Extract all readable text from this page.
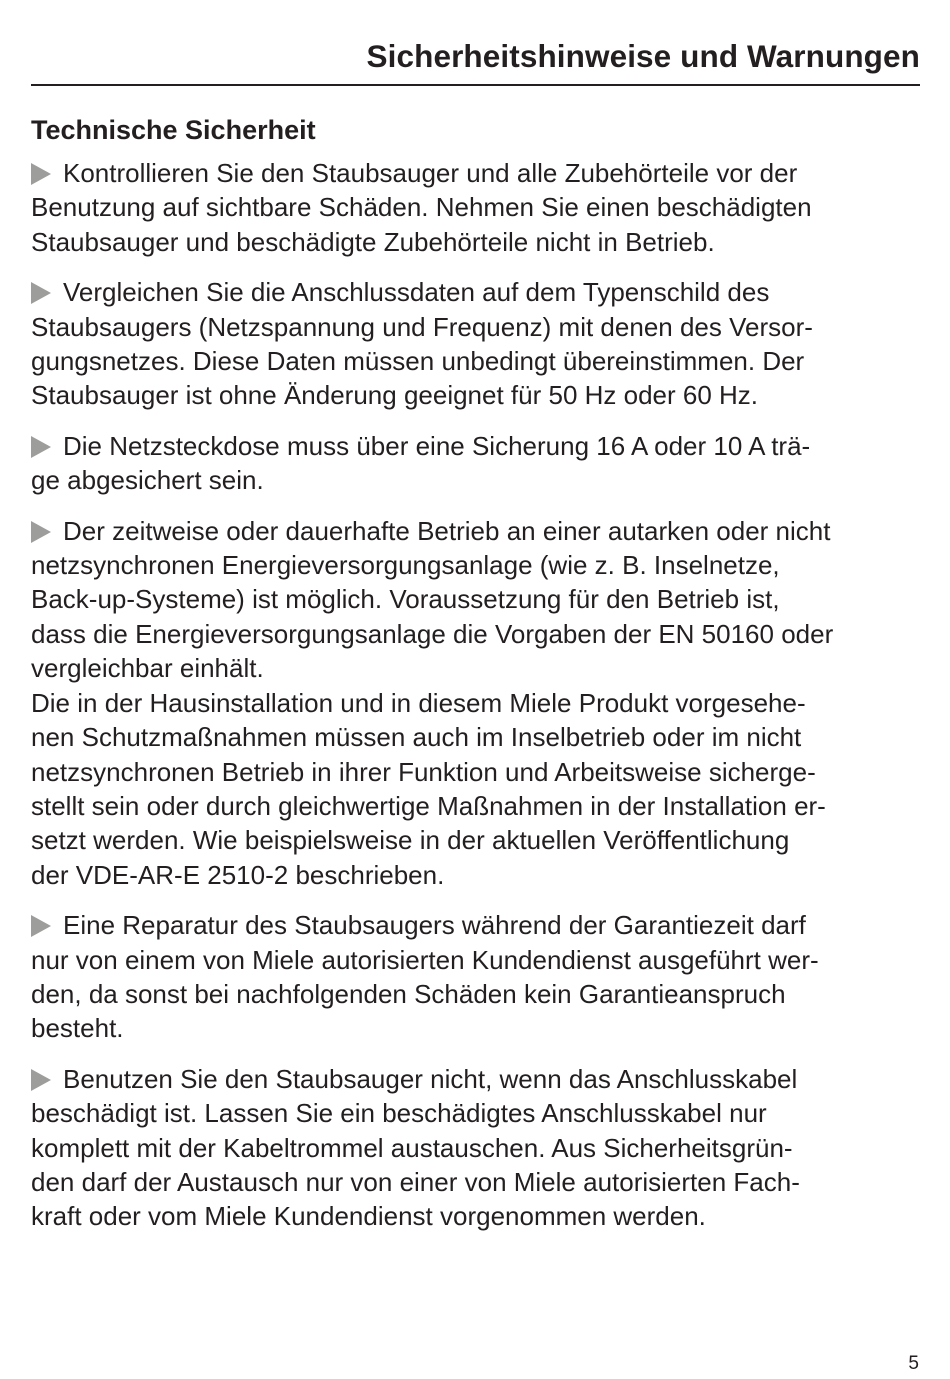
Sicherheitshinweise und Warnungen
Technische Sicherheit

Kontrollieren Sie den Staubsauger und alle Zubehörteile vor der
Benutzung auf sichtbare Schäden. Nehmen Sie einen beschädigten
Staubsauger und beschädigte Zubehörteile nicht in Betrieb.

Vergleichen Sie die Anschlussdaten auf dem Typenschild des
Staubsaugers (Netzspannung und Frequenz) mit denen des Versor-
gungsnetzes. Diese Daten müssen unbedingt übereinstimmen. Der
Staubsauger ist ohne Änderung geeignet für 50 Hz oder 60 Hz.

Die Netzsteckdose muss über eine Sicherung 16 A oder 10 A trä-
ge abgesichert sein.

Der zeitweise oder dauerhafte Betrieb an einer autarken oder nicht
netzsynchronen Energieversorgungsanlage (wie z. B. Inselnetze,
Back-up-Systeme) ist möglich. Voraussetzung für den Betrieb ist,
dass die Energieversorgungsanlage die Vorgaben der EN 50160 oder
vergleichbar einhält.
Die in der Hausinstallation und in diesem Miele Produkt vorgesehe-
nen Schutzmaßnahmen müssen auch im Inselbetrieb oder im nicht
netzsynchronen Betrieb in ihrer Funktion und Arbeitsweise sicherge-
stellt sein oder durch gleichwertige Maßnahmen in der Installation er-
setzt werden. Wie beispielsweise in der aktuellen Veröffentlichung
der VDE-AR-E 2510-2 beschrieben.

Eine Reparatur des Staubsaugers während der Garantiezeit darf
nur von einem von Miele autorisierten Kundendienst ausgeführt wer-
den, da sonst bei nachfolgenden Schäden kein Garantieanspruch
besteht.

Benutzen Sie den Staubsauger nicht, wenn das Anschlusskabel
beschädigt ist. Lassen Sie ein beschädigtes Anschlusskabel nur
komplett mit der Kabeltrommel austauschen. Aus Sicherheitsgrün-
den darf der Austausch nur von einer von Miele autorisierten Fach-
kraft oder vom Miele Kundendienst vorgenommen werden.

5
